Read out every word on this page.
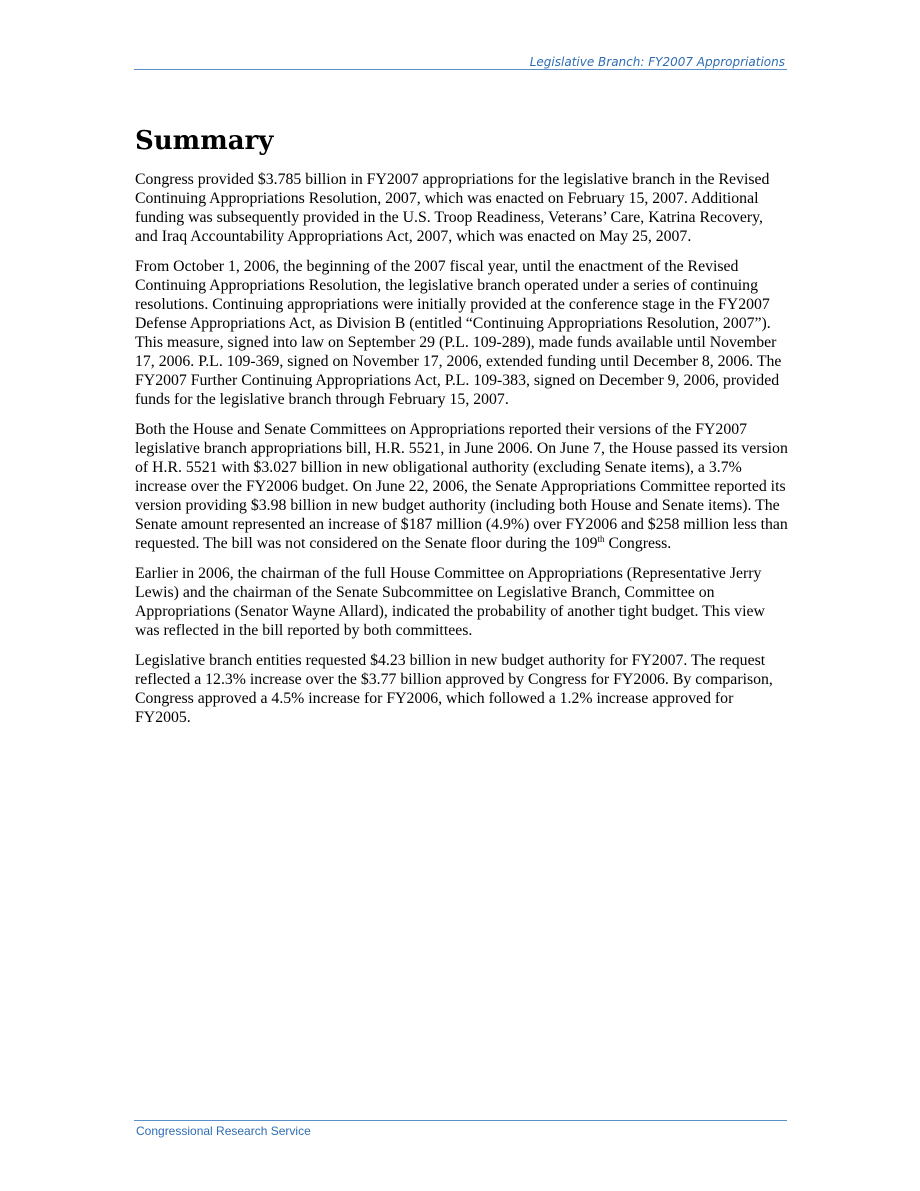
Legislative Branch: FY2007 Appropriations
Summary

Congress provided $3.785 billion in FY2007 appropriations for the legislative branch in the Revised Continuing Appropriations Resolution, 2007, which was enacted on February 15, 2007. Additional funding was subsequently provided in the U.S. Troop Readiness, Veterans’ Care, Katrina Recovery, and Iraq Accountability Appropriations Act, 2007, which was enacted on May 25, 2007.

From October 1, 2006, the beginning of the 2007 fiscal year, until the enactment of the Revised Continuing Appropriations Resolution, the legislative branch operated under a series of continuing resolutions. Continuing appropriations were initially provided at the conference stage in the FY2007 Defense Appropriations Act, as Division B (entitled “Continuing Appropriations Resolution, 2007”). This measure, signed into law on September 29 (P.L. 109-289), made funds available until November 17, 2006. P.L. 109-369, signed on November 17, 2006, extended funding until December 8, 2006. The FY2007 Further Continuing Appropriations Act, P.L. 109-383, signed on December 9, 2006, provided funds for the legislative branch through February 15, 2007.

Both the House and Senate Committees on Appropriations reported their versions of the FY2007 legislative branch appropriations bill, H.R. 5521, in June 2006. On June 7, the House passed its version of H.R. 5521 with $3.027 billion in new obligational authority (excluding Senate items), a 3.7% increase over the FY2006 budget. On June 22, 2006, the Senate Appropriations Committee reported its version providing $3.98 billion in new budget authority (including both House and Senate items). The Senate amount represented an increase of $187 million (4.9%) over FY2006 and $258 million less than requested. The bill was not considered on the Senate floor during the 109th Congress.

Earlier in 2006, the chairman of the full House Committee on Appropriations (Representative Jerry Lewis) and the chairman of the Senate Subcommittee on Legislative Branch, Committee on Appropriations (Senator Wayne Allard), indicated the probability of another tight budget. This view was reflected in the bill reported by both committees.

Legislative branch entities requested $4.23 billion in new budget authority for FY2007. The request reflected a 12.3% increase over the $3.77 billion approved by Congress for FY2006. By comparison, Congress approved a 4.5% increase for FY2006, which followed a 1.2% increase approved for FY2005.

Congressional Research Service
